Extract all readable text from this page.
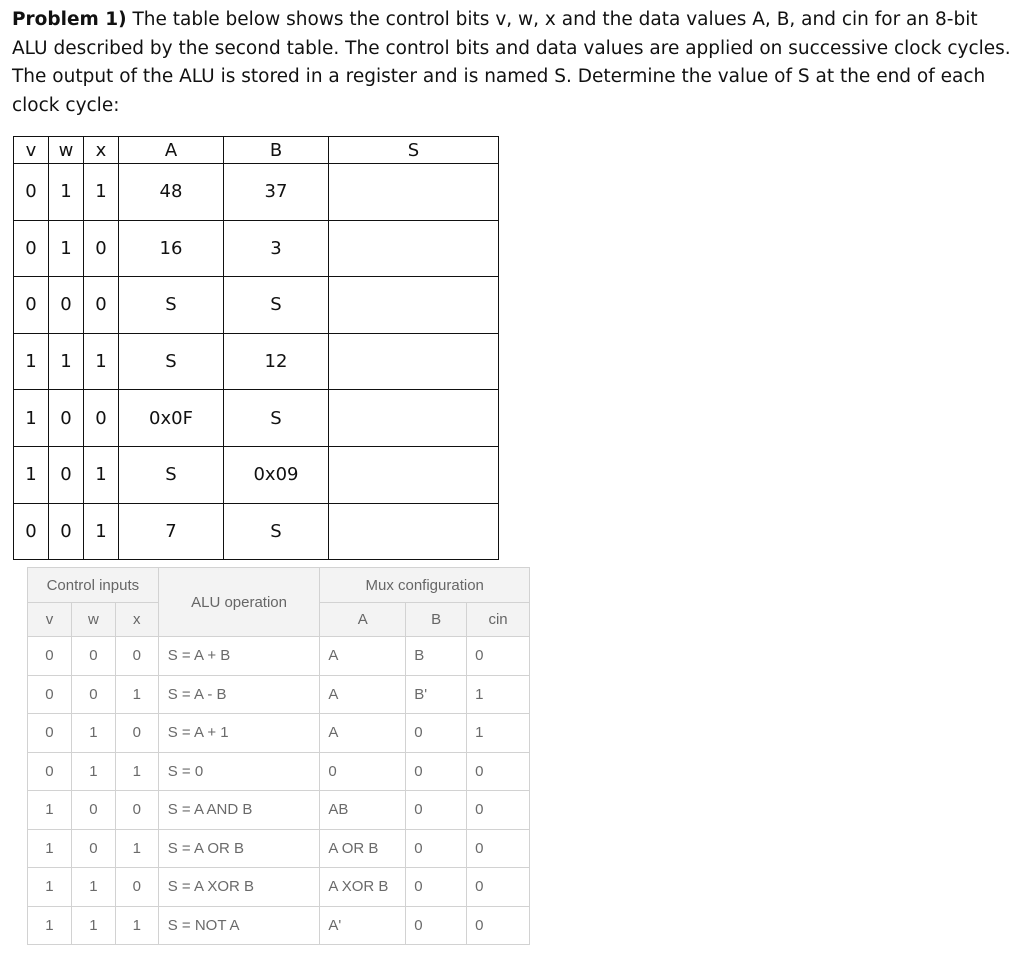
Problem 1) The table below shows the control bits v, w, x and the data values A, B, and cin for an 8-bit ALU described by the second table. The control bits and data values are applied on successive clock cycles. The output of the ALU is stored in a register and is named S. Determine the value of S at the end of each clock cycle:
v	w	x	A	B	S
0	1	1	48	37	
0	1	0	16	3	
0	0	0	S	S	
1	1	1	S	12	
1	0	0	0x0F	S	
1	0	1	S	0x09	
0	0	1	7	S	
Control inputs			ALU operation	Mux configuration		
v	w	x		A	B	cin
0	0	0	S = A + B	A	B	0
0	0	1	S = A - B	A	B'	1
0	1	0	S = A + 1	A	0	1
0	1	1	S = 0	0	0	0
1	0	0	S = A AND B	AB	0	0
1	0	1	S = A OR B	A OR B	0	0
1	1	0	S = A XOR B	A XOR B	0	0
1	1	1	S = NOT A	A'	0	0
